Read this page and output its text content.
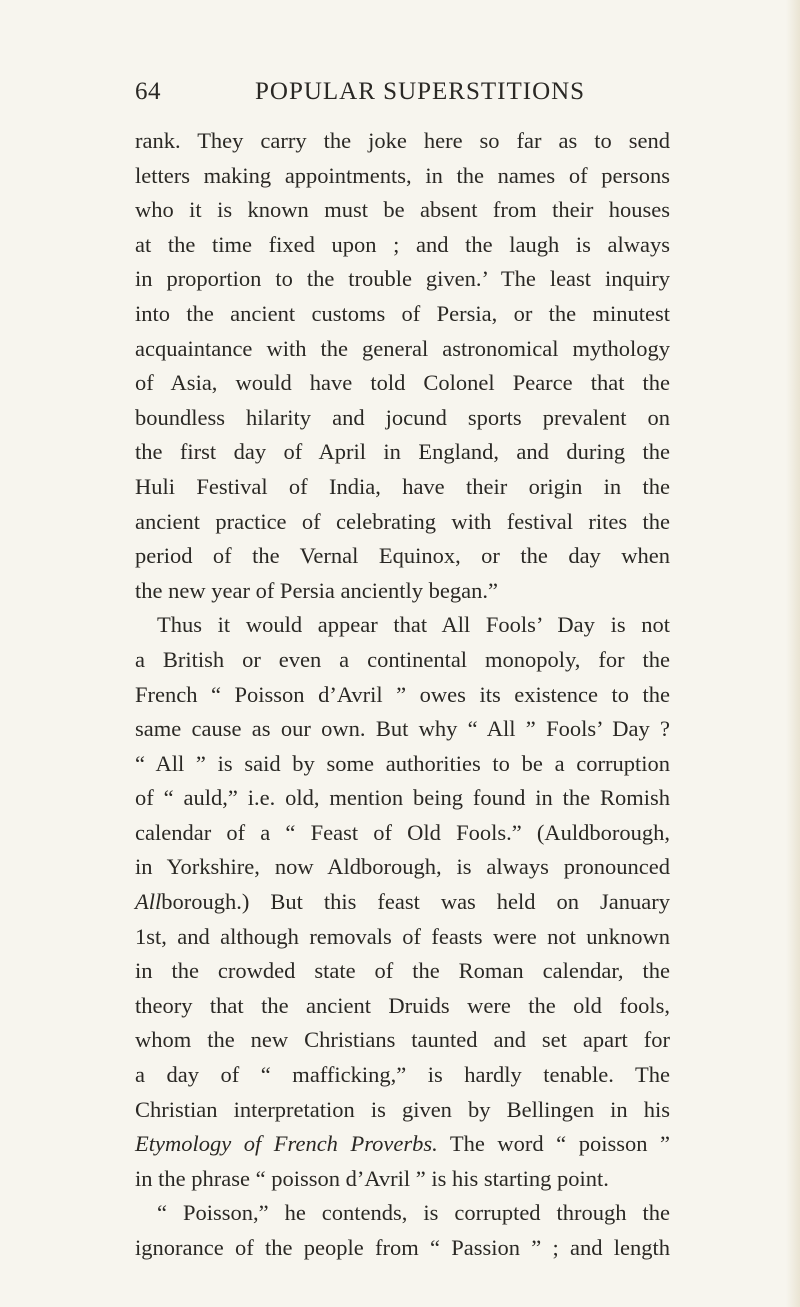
64	POPULAR SUPERSTITIONS
rank. They carry the joke here so far as to send
letters making appointments, in the names of persons
who it is known must be absent from their houses
at the time fixed upon ; and the laugh is always
in proportion to the trouble given.’ The least inquiry
into the ancient customs of Persia, or the minutest
acquaintance with the general astronomical mythology
of Asia, would have told Colonel Pearce that the
boundless hilarity and jocund sports prevalent on
the first day of April in England, and during the
Huli Festival of India, have their origin in the
ancient practice of celebrating with festival rites the
period of the Vernal Equinox, or the day when
the new year of Persia anciently began.”
Thus it would appear that All Fools’ Day is not
a British or even a continental monopoly, for the
French “ Poisson d’Avril ” owes its existence to the
same cause as our own. But why “ All ” Fools’ Day ?
“ All ” is said by some authorities to be a corruption
of “ auld,” i.e. old, mention being found in the Romish
calendar of a “ Feast of Old Fools.” (Auldborough,
in Yorkshire, now Aldborough, is always pronounced
Allborough.) But this feast was held on January
1st, and although removals of feasts were not unknown
in the crowded state of the Roman calendar, the
theory that the ancient Druids were the old fools,
whom the new Christians taunted and set apart for
a day of “ mafficking,” is hardly tenable. The
Christian interpretation is given by Bellingen in his
Etymology of French Proverbs. The word “ poisson ”
in the phrase “ poisson d’Avril ” is his starting point.
“ Poisson,” he contends, is corrupted through the
ignorance of the people from “ Passion ” ; and length
